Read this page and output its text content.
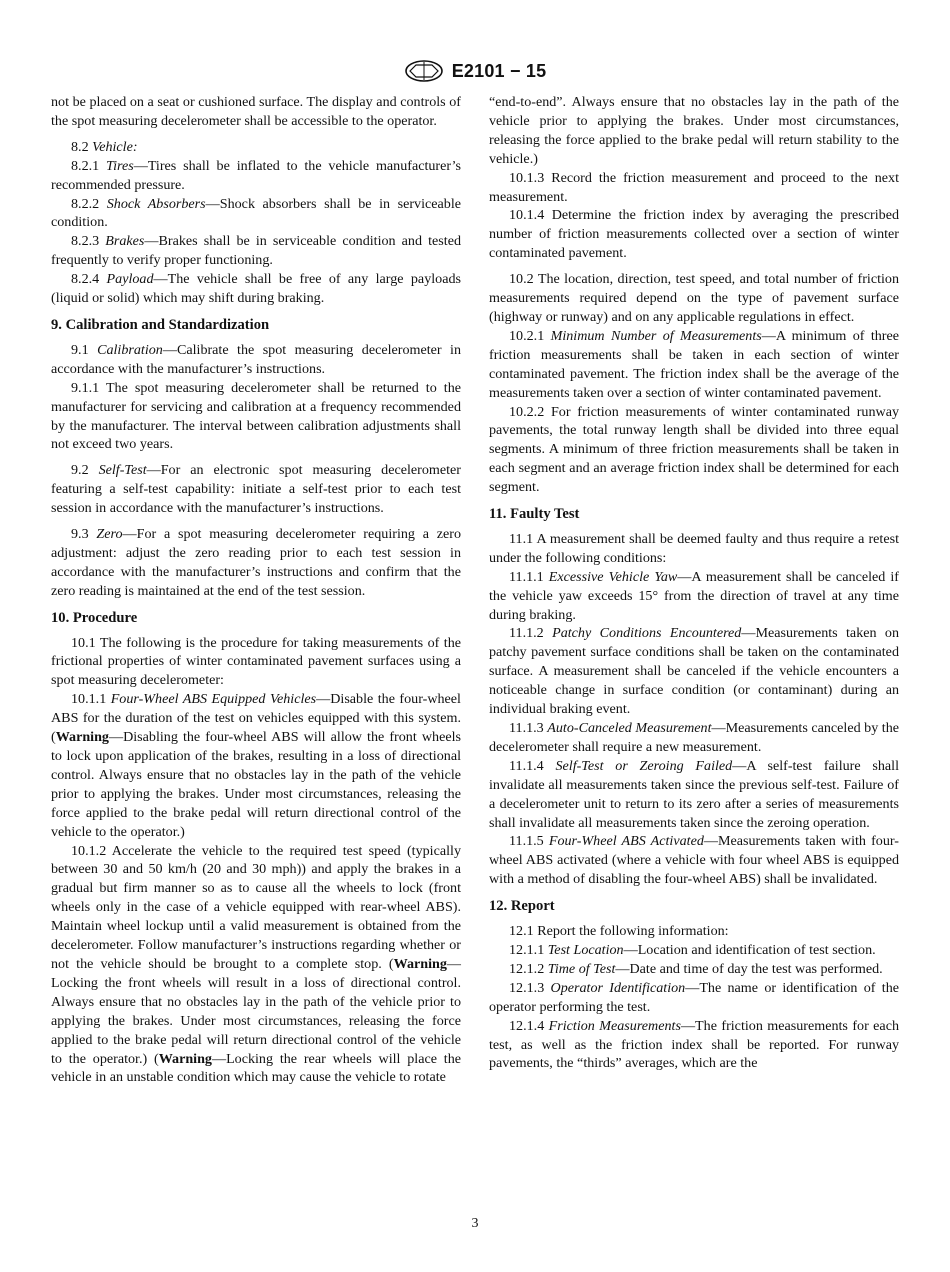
E2101 − 15

not be placed on a seat or cushioned surface. The display and controls of the spot measuring decelerometer shall be accessible to the operator.

8.2 Vehicle:

8.2.1 Tires—Tires shall be inflated to the vehicle manufacturer’s recommended pressure.

8.2.2 Shock Absorbers—Shock absorbers shall be in serviceable condition.

8.2.3 Brakes—Brakes shall be in serviceable condition and tested frequently to verify proper functioning.

8.2.4 Payload—The vehicle shall be free of any large payloads (liquid or solid) which may shift during braking.

9. Calibration and Standardization

9.1 Calibration—Calibrate the spot measuring decelerometer in accordance with the manufacturer’s instructions.

9.1.1 The spot measuring decelerometer shall be returned to the manufacturer for servicing and calibration at a frequency recommended by the manufacturer. The interval between calibration adjustments shall not exceed two years.

9.2 Self-Test—For an electronic spot measuring decelerometer featuring a self-test capability: initiate a self-test prior to each test session in accordance with the manufacturer’s instructions.

9.3 Zero—For a spot measuring decelerometer requiring a zero adjustment: adjust the zero reading prior to each test session in accordance with the manufacturer’s instructions and confirm that the zero reading is maintained at the end of the test session.

10. Procedure

10.1 The following is the procedure for taking measurements of the frictional properties of winter contaminated pavement surfaces using a spot measuring decelerometer:

10.1.1 Four-Wheel ABS Equipped Vehicles—Disable the four-wheel ABS for the duration of the test on vehicles equipped with this system. (Warning—Disabling the four-wheel ABS will allow the front wheels to lock upon application of the brakes, resulting in a loss of directional control. Always ensure that no obstacles lay in the path of the vehicle prior to applying the brakes. Under most circumstances, releasing the force applied to the brake pedal will return directional control of the vehicle to the operator.)

10.1.2 Accelerate the vehicle to the required test speed (typically between 30 and 50 km/h (20 and 30 mph)) and apply the brakes in a gradual but firm manner so as to cause all the wheels to lock (front wheels only in the case of a vehicle equipped with rear-wheel ABS). Maintain wheel lockup until a valid measurement is obtained from the decelerometer. Follow manufacturer’s instructions regarding whether or not the vehicle should be brought to a complete stop. (Warning—Locking the front wheels will result in a loss of directional control. Always ensure that no obstacles lay in the path of the vehicle prior to applying the brakes. Under most circumstances, releasing the force applied to the brake pedal will return directional control of the vehicle to the operator.) (Warning—Locking the rear wheels will place the vehicle in an unstable condition which may cause the vehicle to rotate

“end-to-end”. Always ensure that no obstacles lay in the path of the vehicle prior to applying the brakes. Under most circumstances, releasing the force applied to the brake pedal will return stability to the vehicle.)

10.1.3 Record the friction measurement and proceed to the next measurement.

10.1.4 Determine the friction index by averaging the prescribed number of friction measurements collected over a section of winter contaminated pavement.

10.2 The location, direction, test speed, and total number of friction measurements required depend on the type of pavement surface (highway or runway) and on any applicable regulations in effect.

10.2.1 Minimum Number of Measurements—A minimum of three friction measurements shall be taken in each section of winter contaminated pavement. The friction index shall be the average of the measurements taken over a section of winter contaminated pavement.

10.2.2 For friction measurements of winter contaminated runway pavements, the total runway length shall be divided into three equal segments. A minimum of three friction measurements shall be taken in each segment and an average friction index shall be determined for each segment.

11. Faulty Test

11.1 A measurement shall be deemed faulty and thus require a retest under the following conditions:

11.1.1 Excessive Vehicle Yaw—A measurement shall be canceled if the vehicle yaw exceeds 15° from the direction of travel at any time during braking.

11.1.2 Patchy Conditions Encountered—Measurements taken on patchy pavement surface conditions shall be taken on the contaminated surface. A measurement shall be canceled if the vehicle encounters a noticeable change in surface condition (or contaminant) during an individual braking event.

11.1.3 Auto-Canceled Measurement—Measurements canceled by the decelerometer shall require a new measurement.

11.1.4 Self-Test or Zeroing Failed—A self-test failure shall invalidate all measurements taken since the previous self-test. Failure of a decelerometer unit to return to its zero after a series of measurements shall invalidate all measurements taken since the zeroing operation.

11.1.5 Four-Wheel ABS Activated—Measurements taken with four-wheel ABS activated (where a vehicle with four wheel ABS is equipped with a method of disabling the four-wheel ABS) shall be invalidated.

12. Report

12.1 Report the following information:

12.1.1 Test Location—Location and identification of test section.

12.1.2 Time of Test—Date and time of day the test was performed.

12.1.3 Operator Identification—The name or identification of the operator performing the test.

12.1.4 Friction Measurements—The friction measurements for each test, as well as the friction index shall be reported. For runway pavements, the “thirds” averages, which are the

3
